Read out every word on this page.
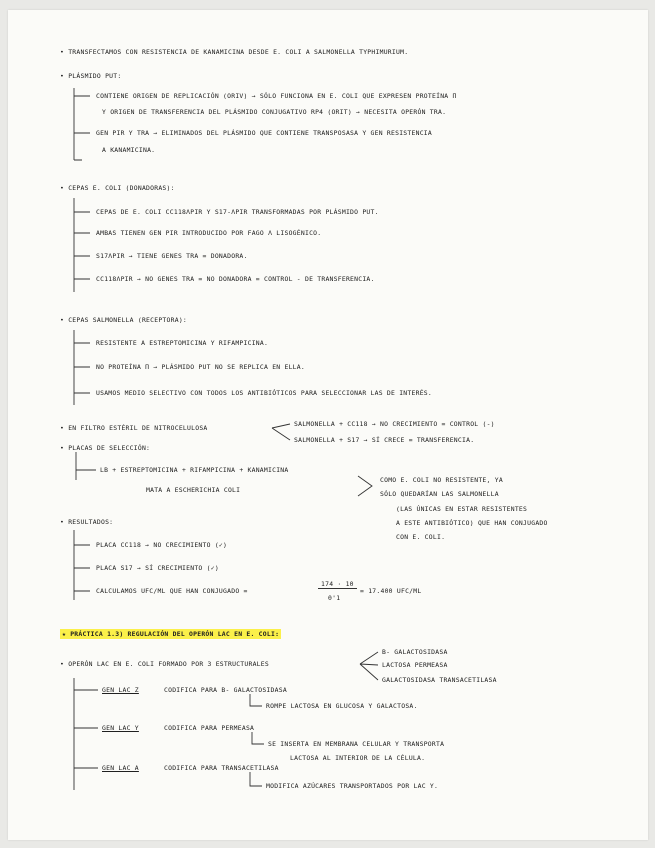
• TRANSFECTAMOS CON RESISTENCIA DE KANAMICINA DESDE E. COLI A SALMONELLA TYPHIMURIUM.
• PLÁSMIDO PUT:
CONTIENE ORIGEN DE REPLICACIÓN (ORIV) → SÓLO FUNCIONA EN E. COLI QUE EXPRESEN PROTEÍNA Π
Y ORIGEN DE TRANSFERENCIA DEL PLÁSMIDO CONJUGATIVO RP4 (ORIT) → NECESITA OPERÓN TRA.
GEN PIR Y TRA → ELIMINADOS DEL PLÁSMIDO QUE CONTIENE TRANSPOSASA Y GEN RESISTENCIA
A KANAMICINA.
• CEPAS E. COLI (DONADORAS):
CEPAS DE E. COLI CC118ΛPIR Y S17-ΛPIR TRANSFORMADAS POR PLÁSMIDO PUT.
AMBAS TIENEN GEN PIR INTRODUCIDO POR FAGO Λ LISOGÉNICO.
S17ΛPIR → TIENE GENES TRA = DONADORA.
CC118ΛPIR → NO GENES TRA = NO DONADORA = CONTROL - DE TRANSFERENCIA.
• CEPAS SALMONELLA (RECEPTORA):
RESISTENTE A ESTREPTOMICINA Y RIFAMPICINA.
NO PROTEÍNA Π → PLÁSMIDO PUT NO SE REPLICA EN ELLA.
USAMOS MEDIO SELECTIVO CON TODOS LOS ANTIBIÓTICOS PARA SELECCIONAR LAS DE INTERÉS.
• EN FILTRO ESTÉRIL DE NITROCELULOSA	SALMONELLA + CC118 → NO CRECIMIENTO = CONTROL (-)
SALMONELLA + S17 → SÍ CRECE = TRANSFERENCIA.
• PLACAS DE SELECCIÓN:
LB + ESTREPTOMICINA + RIFAMPICINA + KANAMICINA
MATA A ESCHERICHIA COLI
COMO E. COLI NO RESISTENTE, YA
SÓLO QUEDARÍAN LAS SALMONELLA
(LAS ÚNICAS EN ESTAR RESISTENTES
A ESTE ANTIBIÓTICO) QUE HAN CONJUGADO
CON E. COLI.
• RESULTADOS:
PLACA CC118 → NO CRECIMIENTO (✓)
PLACA S17 → SÍ CRECIMIENTO (✓)
CALCULAMOS UFC/ML QUE HAN CONJUGADO =
174 · 10
0'1
= 17.400 UFC/ML
★ PRÁCTICA 1.3) REGULACIÓN DEL OPERÓN LAC EN E. COLI:
• OPERÓN LAC EN E. COLI FORMADO POR 3 ESTRUCTURALES
Β- GALACTOSIDASA
LACTOSA PERMEASA
GALACTOSIDASA TRANSACETILASA
GEN LAC Z	CODIFICA PARA Β- GALACTOSIDASA
ROMPE LACTOSA EN GLUCOSA Y GALACTOSA.
GEN LAC Y	CODIFICA PARA PERMEASA
SE INSERTA EN MEMBRANA CELULAR Y TRANSPORTA
LACTOSA AL INTERIOR DE LA CÉLULA.
GEN LAC A	CODIFICA PARA TRANSACETILASA
MODIFICA AZÚCARES TRANSPORTADOS POR LAC Y.
